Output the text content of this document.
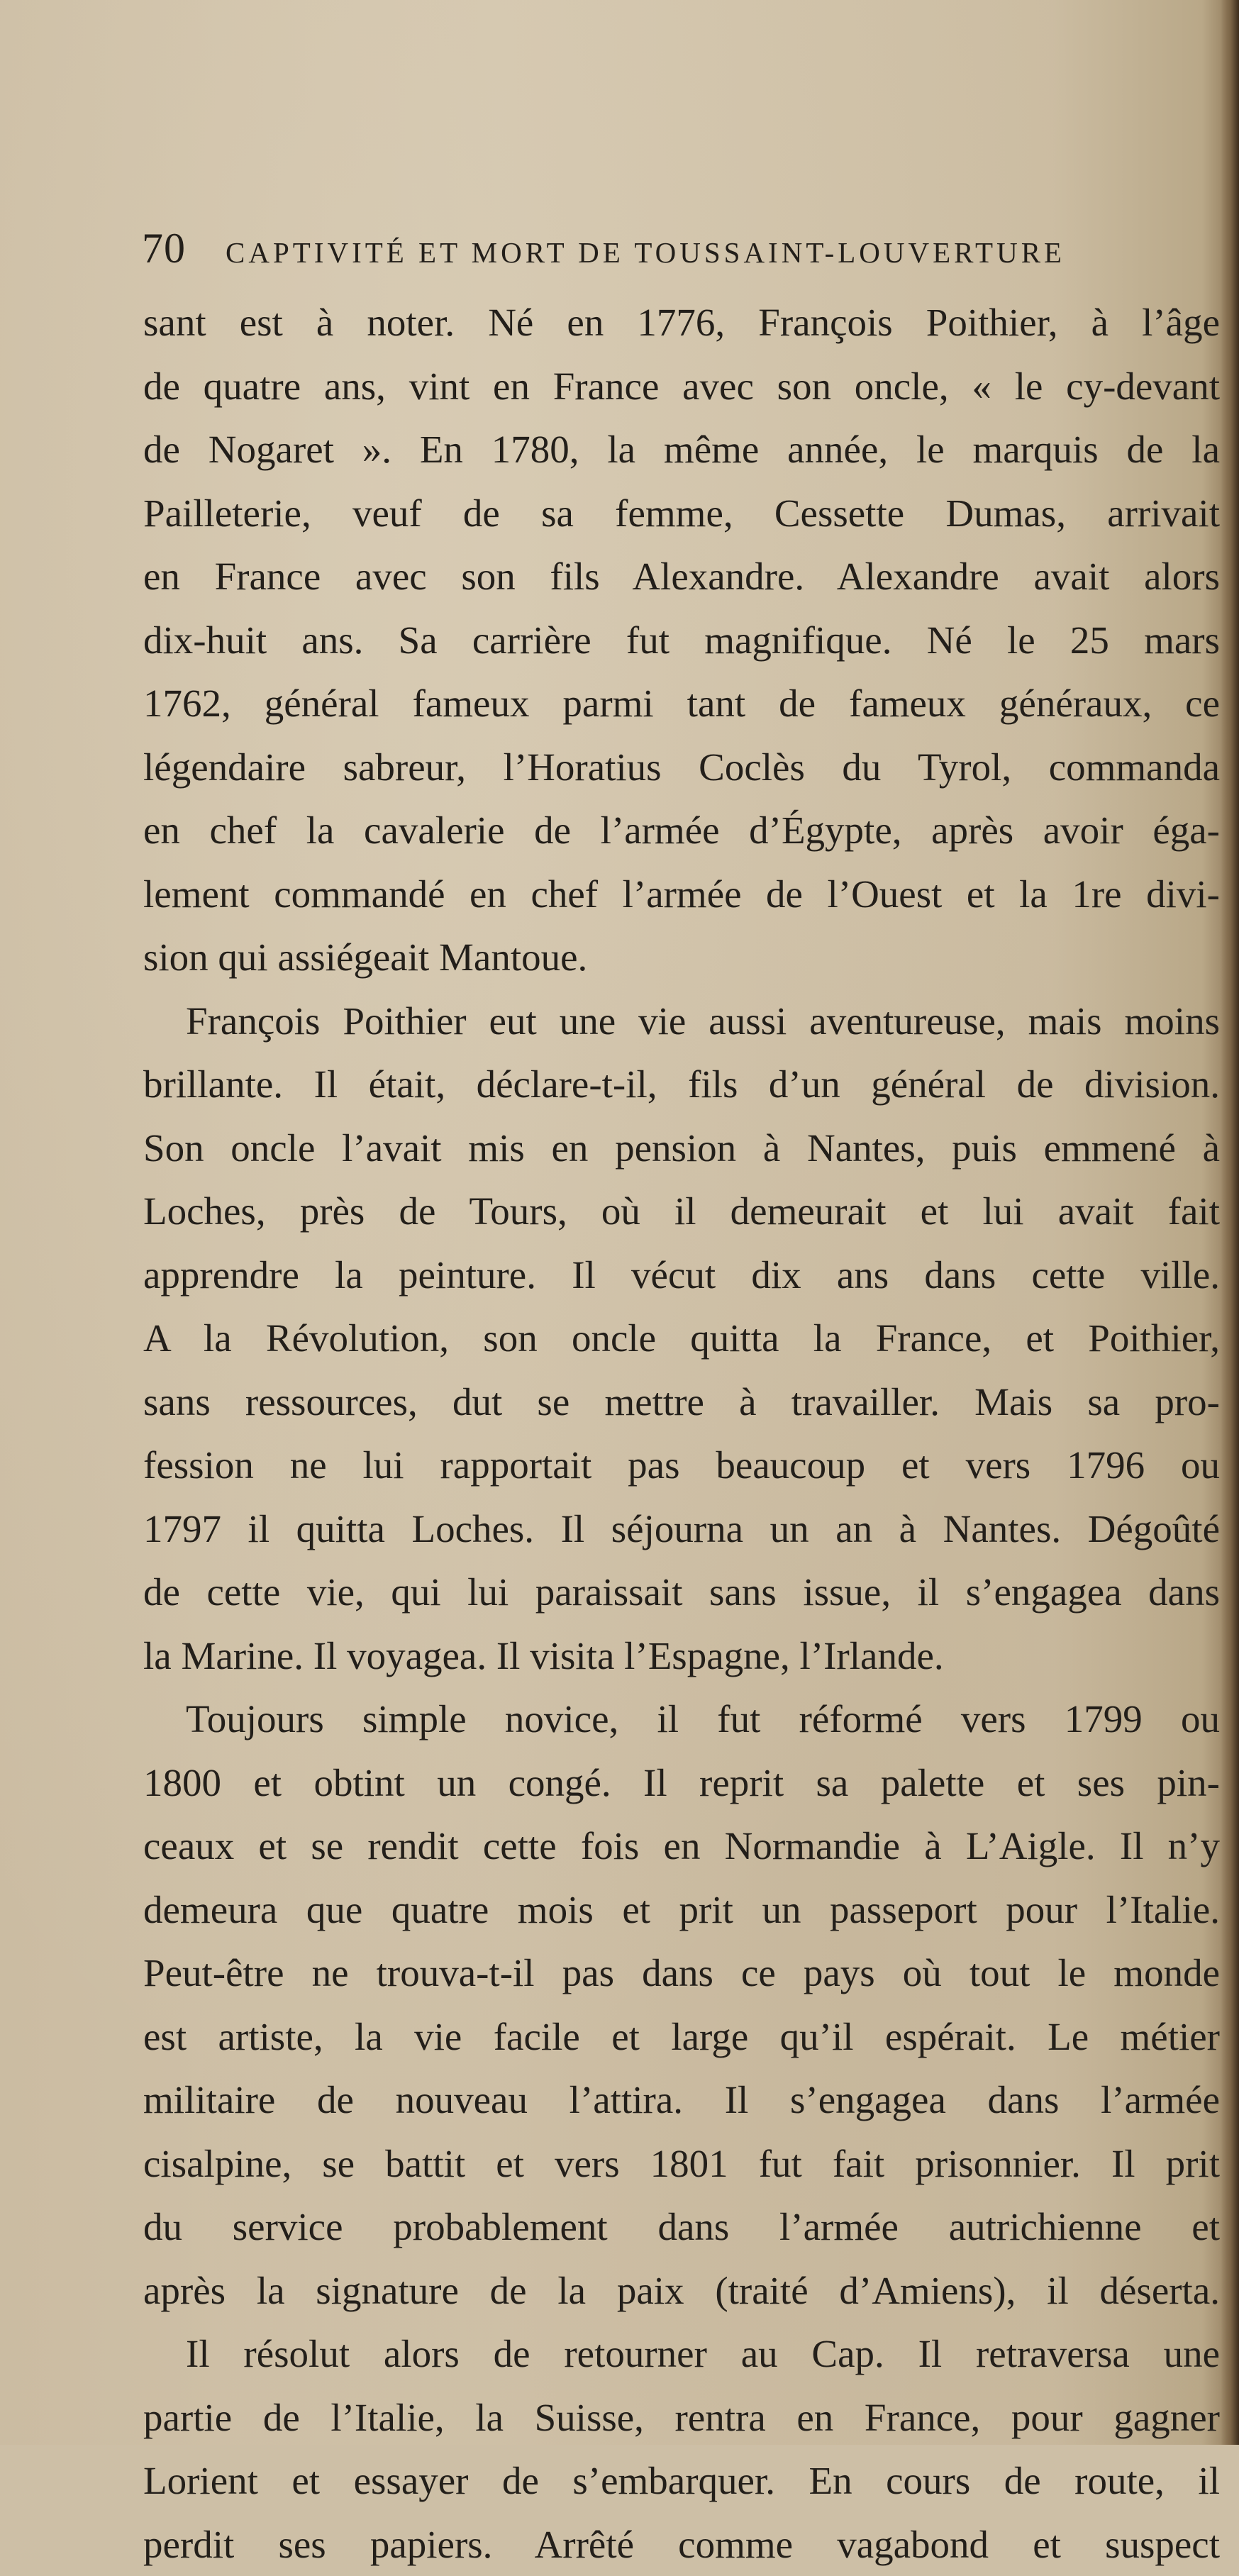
70 CAPTIVITÉ ET MORT DE TOUSSAINT-LOUVERTURE
sant est à noter. Né en 1776, François Poithier, à l’âge
de quatre ans, vint en France avec son oncle, « le cy-devant
de Nogaret ». En 1780, la même année, le marquis de la
Pailleterie, veuf de sa femme, Cessette Dumas, arrivait
en France avec son fils Alexandre. Alexandre avait alors
dix-huit ans. Sa carrière fut magnifique. Né le 25 mars
1762, général fameux parmi tant de fameux généraux, ce
légendaire sabreur, l’Horatius Coclès du Tyrol, commanda
en chef la cavalerie de l’armée d’Égypte, après avoir éga-
lement commandé en chef l’armée de l’Ouest et la 1re divi-
sion qui assiégeait Mantoue.
François Poithier eut une vie aussi aventureuse, mais moins
brillante. Il était, déclare-t-il, fils d’un général de division.
Son oncle l’avait mis en pension à Nantes, puis emmené à
Loches, près de Tours, où il demeurait et lui avait fait
apprendre la peinture. Il vécut dix ans dans cette ville.
A la Révolution, son oncle quitta la France, et Poithier,
sans ressources, dut se mettre à travailler. Mais sa pro-
fession ne lui rapportait pas beaucoup et vers 1796 ou
1797 il quitta Loches. Il séjourna un an à Nantes. Dégoûté
de cette vie, qui lui paraissait sans issue, il s’engagea dans
la Marine. Il voyagea. Il visita l’Espagne, l’Irlande.
Toujours simple novice, il fut réformé vers 1799 ou
1800 et obtint un congé. Il reprit sa palette et ses pin-
ceaux et se rendit cette fois en Normandie à L’Aigle. Il n’y
demeura que quatre mois et prit un passeport pour l’Italie.
Peut-être ne trouva-t-il pas dans ce pays où tout le monde
est artiste, la vie facile et large qu’il espérait. Le métier
militaire de nouveau l’attira. Il s’engagea dans l’armée
cisalpine, se battit et vers 1801 fut fait prisonnier. Il prit
du service probablement dans l’armée autrichienne et
après la signature de la paix (traité d’Amiens), il déserta.
Il résolut alors de retourner au Cap. Il retraversa une
partie de l’Italie, la Suisse, rentra en France, pour gagner
Lorient et essayer de s’embarquer. En cours de route, il
perdit ses papiers. Arrêté comme vagabond et suspect
